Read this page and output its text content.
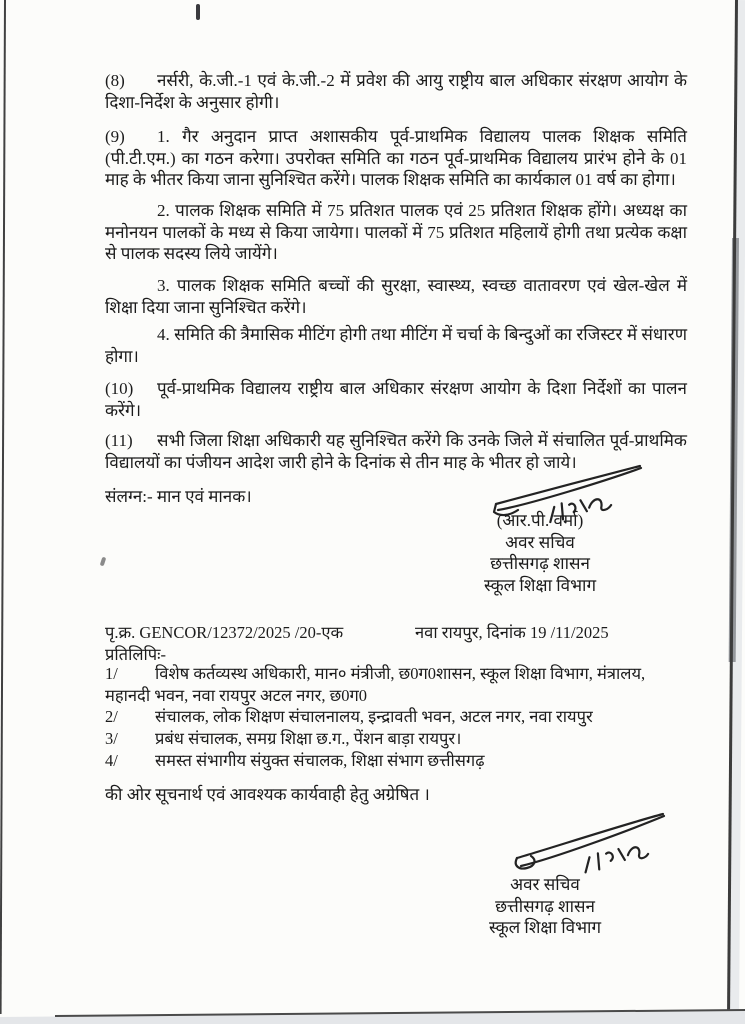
(8) नर्सरी, के.जी.-1 एवं के.जी.-2 में प्रवेश की आयु राष्ट्रीय बाल अधिकार संरक्षण आयोग के दिशा-निर्देश के अनुसार होगी।
(9) 1. गैर अनुदान प्राप्त अशासकीय पूर्व-प्राथमिक विद्यालय पालक शिक्षक समिति (पी.टी.एम.) का गठन करेगा। उपरोक्त समिति का गठन पूर्व-प्राथमिक विद्यालय प्रारंभ होने के 01 माह के भीतर किया जाना सुनिश्चित करेंगे। पालक शिक्षक समिति का कार्यकाल 01 वर्ष का होगा।
2. पालक शिक्षक समिति में 75 प्रतिशत पालक एवं 25 प्रतिशत शिक्षक होंगे। अध्यक्ष का मनोनयन पालकों के मध्य से किया जायेगा। पालकों में 75 प्रतिशत महिलायें होगी तथा प्रत्येक कक्षा से पालक सदस्य लिये जायेंगे।
3. पालक शिक्षक समिति बच्चों की सुरक्षा, स्वास्थ्य, स्वच्छ वातावरण एवं खेल-खेल में शिक्षा दिया जाना सुनिश्चित करेंगे।
4. समिति की त्रैमासिक मीटिंग होगी तथा मीटिंग में चर्चा के बिन्दुओं का रजिस्टर में संधारण होगा।
(10) पूर्व-प्राथमिक विद्यालय राष्ट्रीय बाल अधिकार संरक्षण आयोग के दिशा निर्देशों का पालन करेंगे।
(11) सभी जिला शिक्षा अधिकारी यह सुनिश्चित करेंगे कि उनके जिले में संचालित पूर्व-प्राथमिक विद्यालयों का पंजीयन आदेश जारी होने के दिनांक से तीन माह के भीतर हो जाये।
संलग्न:- मान एवं मानक।
(आर.पी. वर्मा)
अवर सचिव
छत्तीसगढ़ शासन
स्कूल शिक्षा विभाग
पृ.क्र. GENCOR/12372/2025 /20-एक	नवा रायपुर, दिनांक 19 /11/2025
प्रतिलिपिः-
1/ विशेष कर्तव्यस्थ अधिकारी, मान० मंत्रीजी, छ0ग0शासन, स्कूल शिक्षा विभाग, मंत्रालय, महानदी भवन, नवा रायपुर अटल नगर, छ0ग0
2/ संचालक, लोक शिक्षण संचालनालय, इन्द्रावती भवन, अटल नगर, नवा रायपुर
3/ प्रबंध संचालक, समग्र शिक्षा छ.ग., पेंशन बाड़ा रायपुर।
4/ समस्त संभागीय संयुक्त संचालक, शिक्षा संभाग छत्तीसगढ़
की ओर सूचनार्थ एवं आवश्यक कार्यवाही हेतु अग्रेषित ।
अवर सचिव
छत्तीसगढ़ शासन
स्कूल शिक्षा विभाग
